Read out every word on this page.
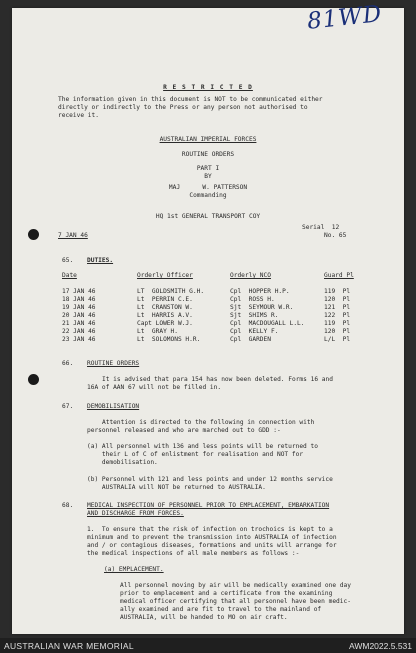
81WD
R E S T R I C T E D
The information given in this document is NOT to be communicated either
directly or indirectly to the Press or any person not authorised to
receive it.
AUSTRALIAN IMPERIAL FORCES
ROUTINE ORDERS
PART I
BY
MAJ      W. PATTERSON
Commanding
HQ 1st GENERAL TRANSPORT COY
Serial  12
No. 65
7 JAN 46
65. DUTIES.
Date	Orderly Officer	Orderly NCO	Guard Pl
17 JAN 46	LT  GOLDSMITH G.H.	Cpl  HOPPER H.P.	119  Pl
18 JAN 46	Lt  PERRIN C.E.	Cpl  ROSS H.	120  Pl
19 JAN 46	Lt  CRANSTON W.	Sjt  SEYMOUR W.R.	121  Pl
20 JAN 46	Lt  HARRIS A.V.	Sjt  SHIMS R.	122  Pl
21 JAN 46	Capt LOWER W.J.	Cpl  MACDOUGALL L.L.	119  Pl
22 JAN 46	Lt  GRAY H.	Cpl  KELLY F.	120  Pl
23 JAN 46	Lt  SOLOMONS H.R.	Cpl  GARDEN	L/L  Pl
66. ROUTINE ORDERS
It is advised that para 154 has now been deleted. Forms 16 and
16A of AAN 67 will not be filled in.
67. DEMOBILISATION
Attention is directed to the following in connection with
personnel released and who are marched out to GDD :-
(a) All personnel with 136 and less points will be returned to
their L of C of enlistment for realisation and NOT for
demobilisation.
(b) Personnel with 121 and less points and under 12 months service
AUSTRALIA will NOT be returned to AUSTRALIA.
68. MEDICAL INSPECTION OF PERSONNEL PRIOR TO EMPLACEMENT, EMBARKATION
AND DISCHARGE FROM FORCES.
1.  To ensure that the risk of infection on trochoics is kept to a
minimum and to prevent the transmission into AUSTRALIA of infection
and / or contagious diseases, formations and units will arrange for
the medical inspections of all male members as follows :-
(a) EMPLACEMENT.
All personnel moving by air will be medically examined one day
prior to emplacement and a certificate from the examining
medical officer certifying that all personnel have been medic-
ally examined and are fit to travel to the mainland of
AUSTRALIA, will be handed to MO on air craft.
AUSTRALIAN WAR MEMORIAL	AWM2022.5.531
